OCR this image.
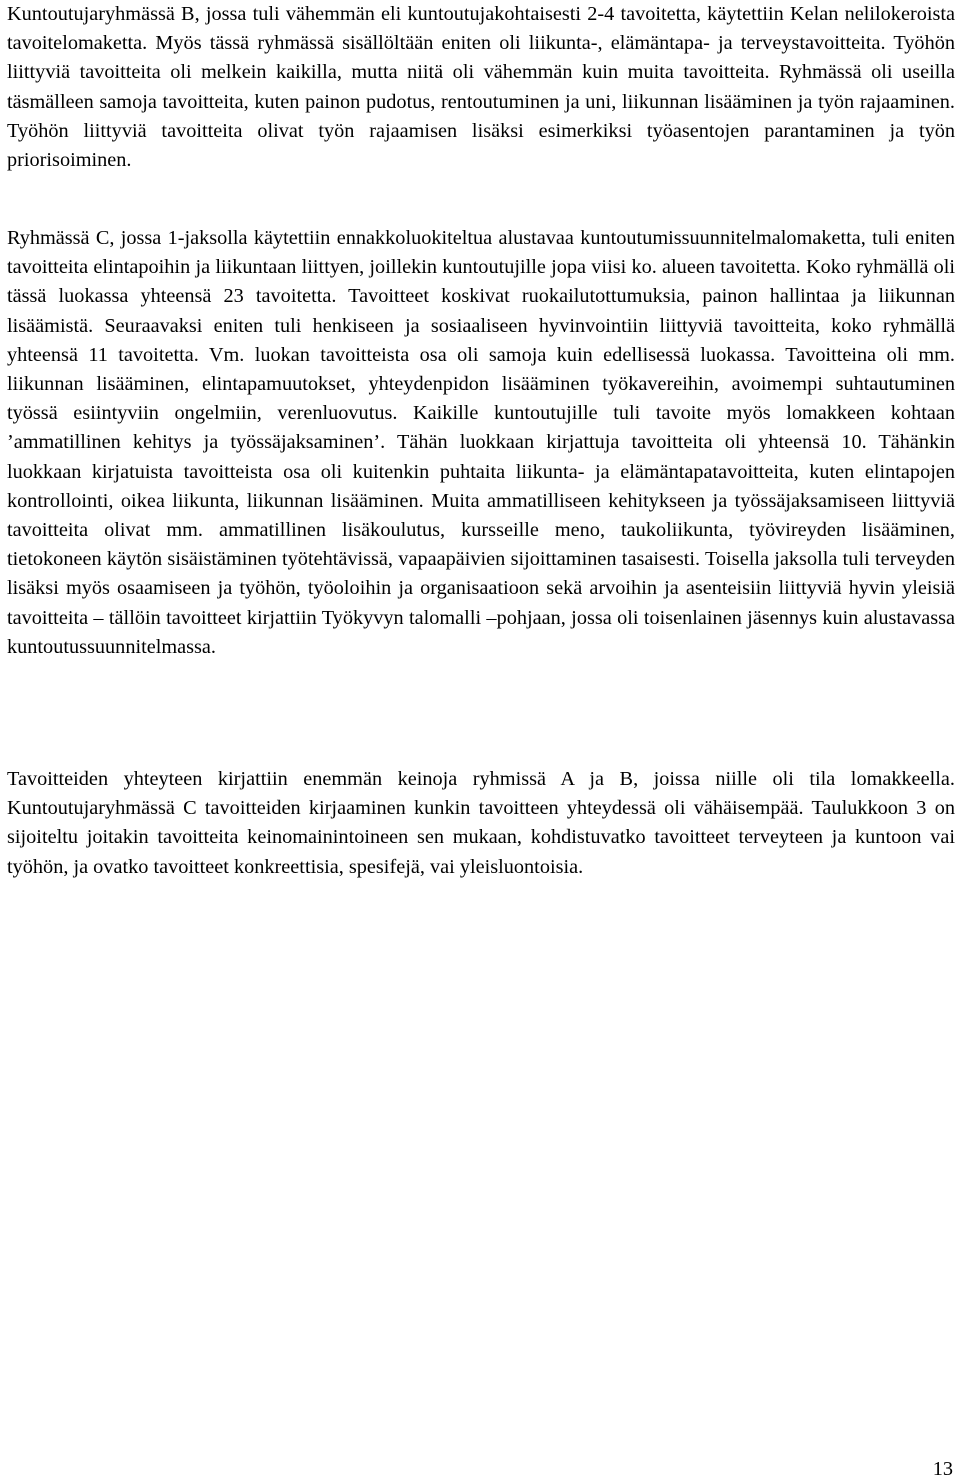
Kuntoutujaryhmässä B, jossa tuli vähemmän eli kuntoutujakohtaisesti 2-4 tavoitetta, käytettiin Kelan nelilokeroista tavoitelomaketta. Myös tässä ryhmässä sisällöltään eniten oli liikunta-, elämäntapa- ja terveystavoitteita. Työhön liittyviä tavoitteita oli melkein kaikilla, mutta niitä oli vähemmän kuin muita tavoitteita. Ryhmässä oli useilla täsmälleen samoja tavoitteita, kuten painon pudotus, rentoutuminen ja uni, liikunnan lisääminen ja työn rajaaminen. Työhön liittyviä tavoitteita olivat työn rajaamisen lisäksi esimerkiksi työasentojen parantaminen ja työn priorisoiminen.

Ryhmässä C, jossa 1-jaksolla käytettiin ennakkoluokiteltua alustavaa kuntoutumissuunnitelmalomaketta, tuli eniten tavoitteita elintapoihin ja liikuntaan liittyen, joillekin kuntoutujille jopa viisi ko. alueen tavoitetta. Koko ryhmällä oli tässä luokassa yhteensä 23 tavoitetta. Tavoitteet koskivat ruokailutottumuksia, painon hallintaa ja liikunnan lisäämistä. Seuraavaksi eniten tuli henkiseen ja sosiaaliseen hyvinvointiin liittyviä tavoitteita, koko ryhmällä yhteensä 11 tavoitetta. Vm. luokan tavoitteista osa oli samoja kuin edellisessä luokassa. Tavoitteina oli mm. liikunnan lisääminen, elintapamuutokset, yhteydenpidon lisääminen työkavereihin, avoimempi suhtautuminen työssä esiintyviin ongelmiin, verenluovutus. Kaikille kuntoutujille tuli tavoite myös lomakkeen kohtaan ’ammatillinen kehitys ja työssäjaksaminen’. Tähän luokkaan kirjattuja tavoitteita oli yhteensä 10. Tähänkin luokkaan kirjatuista tavoitteista osa oli kuitenkin puhtaita liikunta- ja elämäntapatavoitteita, kuten elintapojen kontrollointi, oikea liikunta, liikunnan lisääminen. Muita ammatilliseen kehitykseen ja työssäjaksamiseen liittyviä tavoitteita olivat mm. ammatillinen lisäkoulutus, kursseille meno, taukoliikunta, työvireyden lisääminen, tietokoneen käytön sisäistäminen työtehtävissä, vapaapäivien sijoittaminen tasaisesti. Toisella jaksolla tuli terveyden lisäksi myös osaamiseen ja työhön, työoloihin ja organisaatioon sekä arvoihin ja asenteisiin liittyviä hyvin yleisiä tavoitteita – tällöin tavoitteet kirjattiin Työkyvyn talomalli –pohjaan, jossa oli toisenlainen jäsennys kuin alustavassa kuntoutussuunnitelmassa.

Tavoitteiden yhteyteen kirjattiin enemmän keinoja ryhmissä A ja B, joissa niille oli tila lomakkeella. Kuntoutujaryhmässä C tavoitteiden kirjaaminen kunkin tavoitteen yhteydessä oli vähäisempää. Taulukkoon 3 on sijoiteltu joitakin tavoitteita keinomainintoineen sen mukaan, kohdistuvatko tavoitteet terveyteen ja kuntoon vai työhön, ja ovatko tavoitteet konkreettisia, spesifejä, vai yleisluontoisia.

13
